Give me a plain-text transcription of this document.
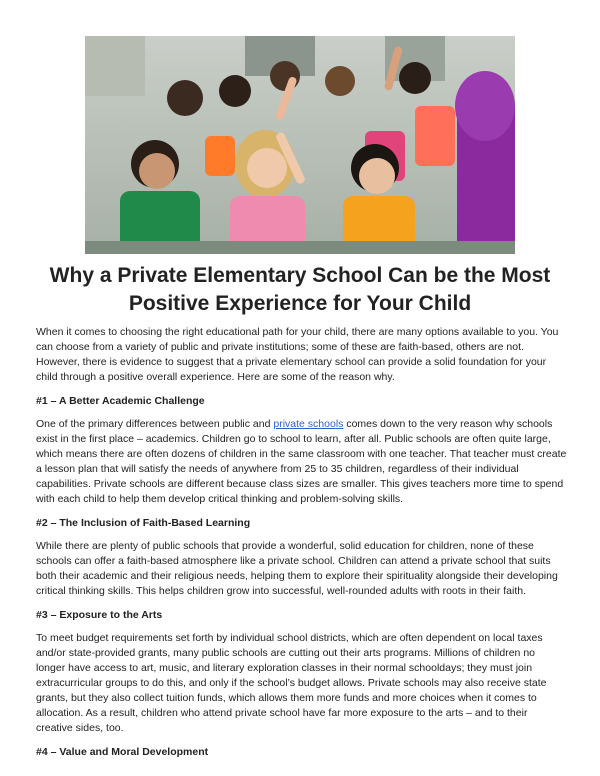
Why a Private Elementary School Can be the Most Positive Experience for Your Child

When it comes to choosing the right educational path for your child, there are many options available to you. You can choose from a variety of public and private institutions; some of these are faith-based, others are not. However, there is evidence to suggest that a private elementary school can provide a solid foundation for your child through a positive overall experience. Here are some of the reason why.

#1 – A Better Academic Challenge

One of the primary differences between public and private schools comes down to the very reason why schools exist in the first place – academics. Children go to school to learn, after all. Public schools are often quite large, which means there are often dozens of children in the same classroom with one teacher. That teacher must create a lesson plan that will satisfy the needs of anywhere from 25 to 35 children, regardless of their individual capabilities. Private schools are different because class sizes are smaller. This gives teachers more time to spend with each child to help them develop critical thinking and problem-solving skills.

#2 – The Inclusion of Faith-Based Learning

While there are plenty of public schools that provide a wonderful, solid education for children, none of these schools can offer a faith-based atmosphere like a private school. Children can attend a private school that suits both their academic and their religious needs, helping them to explore their spirituality alongside their developing critical thinking skills. This helps children grow into successful, well-rounded adults with roots in their faith.

#3 – Exposure to the Arts

To meet budget requirements set forth by individual school districts, which are often dependent on local taxes and/or state-provided grants, many public schools are cutting out their arts programs. Millions of children no longer have access to art, music, and literary exploration classes in their normal schooldays; they must join extracurricular groups to do this, and only if the school’s budget allows. Private schools may also receive state grants, but they also collect tuition funds, which allows them more funds and more choices when it comes to allocation. As a result, children who attend private school have far more exposure to the arts – and to their creative sides, too.

#4 – Value and Moral Development
